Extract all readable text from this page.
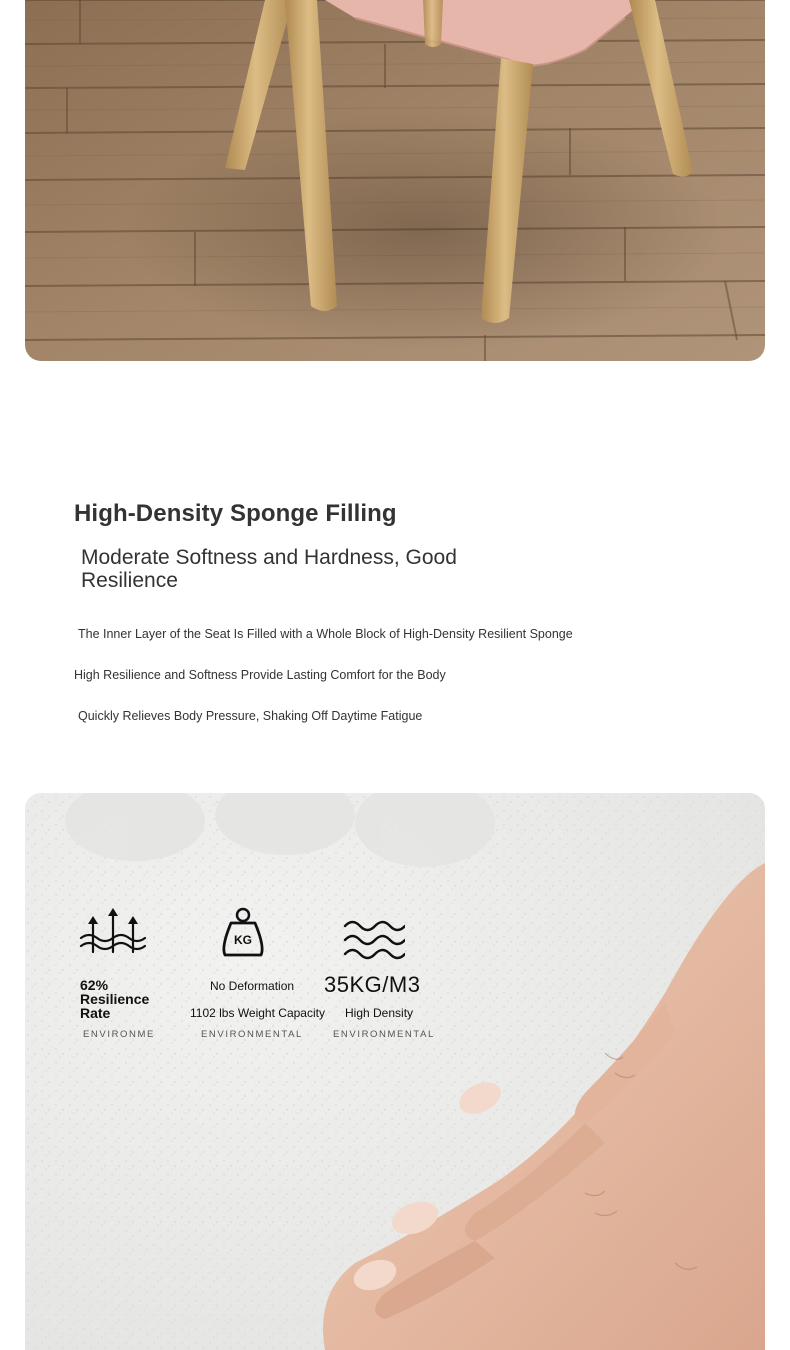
High-Density Sponge Filling
Moderate Softness and Hardness, Good Resilience
The Inner Layer of the Seat Is Filled with a Whole Block of High-Density Resilient Sponge
High Resilience and Softness Provide Lasting Comfort for the Body
Quickly Relieves Body Pressure, Shaking Off Daytime Fatigue
62% Resilience Rate
ENVIRONME
KG
No Deformation
1102 lbs Weight Capacity
ENVIRONMENTAL
35KG/M3
High Density
ENVIRONMENTAL
